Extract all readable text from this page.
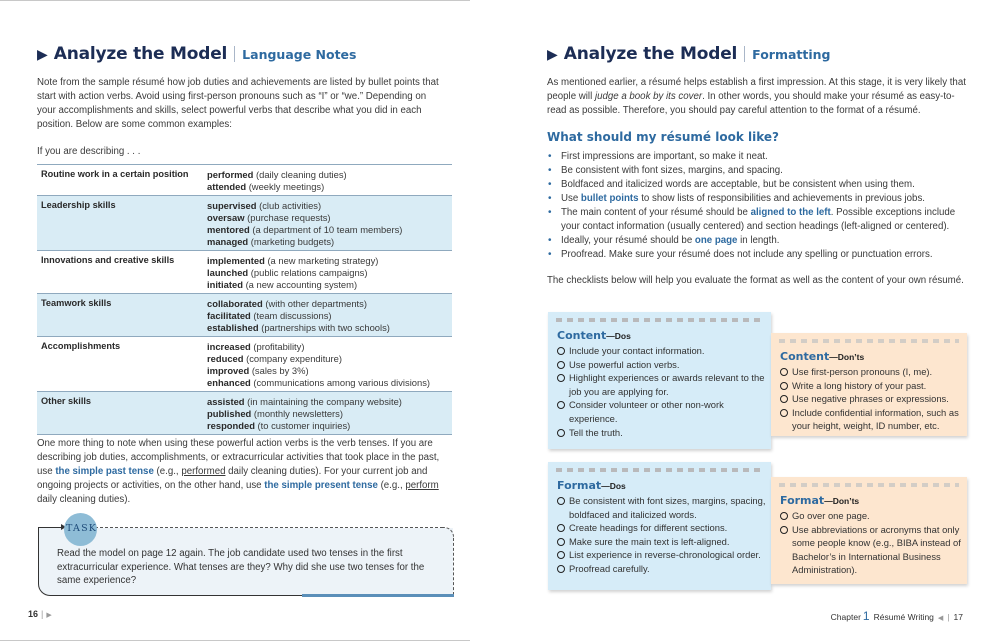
▶ Analyze the Model Language Notes

Note from the sample résumé how job duties and achievements are listed by bullet points that start with action verbs. Avoid using first-person pronouns such as “I” or “we.” Depending on your accomplishments and skills, select powerful verbs that describe what you did in each position. Below are some common examples:

If you are describing . . .

Routine work in a certain position	performed (daily cleaning duties)
attended (weekly meetings)
Leadership skills	supervised (club activities)
oversaw (purchase requests)
mentored (a department of 10 team members)
managed (marketing budgets)
Innovations and creative skills	implemented (a new marketing strategy)
launched (public relations campaigns)
initiated (a new accounting system)
Teamwork skills	collaborated (with other departments)
facilitated (team discussions)
established (partnerships with two schools)
Accomplishments	increased (profitability)
reduced (company expenditure)
improved (sales by 3%)
enhanced (communications among various divisions)
Other skills	assisted (in maintaining the company website)
published (monthly newsletters)
responded (to customer inquiries)

One more thing to note when using these powerful action verbs is the verb tenses. If you are describing job duties, accomplishments, or extracurricular activities that took place in the past, use the simple past tense (e.g., performed daily cleaning duties). For your current job and ongoing projects or activities, on the other hand, use the simple present tense (e.g., perform daily cleaning duties).

TASK

Read the model on page 12 again. The job candidate used two tenses in the first extracurricular experience. What tenses are they? Why did she use two tenses for the same experience?

16 | ▶
▶ Analyze the Model Formatting

As mentioned earlier, a résumé helps establish a first impression. At this stage, it is very likely that people will judge a book by its cover. In other words, you should make your résumé as easy-to-read as possible. Therefore, you should pay careful attention to the format of a résumé.

What should my résumé look like?
• First impressions are important, so make it neat.
• Be consistent with font sizes, margins, and spacing.
• Boldfaced and italicized words are acceptable, but be consistent when using them.
• Use bullet points to show lists of responsibilities and achievements in previous jobs.
• The main content of your résumé should be aligned to the left. Possible exceptions include your contact information (usually centered) and section headings (left-aligned or centered).
• Ideally, your résumé should be one page in length.
• Proofread. Make sure your résumé does not include any spelling or punctuation errors.

The checklists below will help you evaluate the format as well as the content of your own résumé.

Content—Dos
Include your contact information.
Use powerful action verbs.
Highlight experiences or awards relevant to the job you are applying for.
Consider volunteer or other non-work experience.
Tell the truth.
Content—Don’ts
Use first-person pronouns (I, me).
Write a long history of your past.
Use negative phrases or expressions.
Include confidential information, such as your height, weight, ID number, etc.
Format—Dos
Be consistent with font sizes, margins, spacing, boldfaced and italicized words.
Create headings for different sections.
Make sure the main text is left-aligned.
List experience in reverse-chronological order.
Proofread carefully.
Format—Don’ts
Go over one page.
Use abbreviations or acronyms that only some people know (e.g., BIBA instead of Bachelor’s in International Business Administration).
Chapter 1 Résumé Writing ◀ | 17
